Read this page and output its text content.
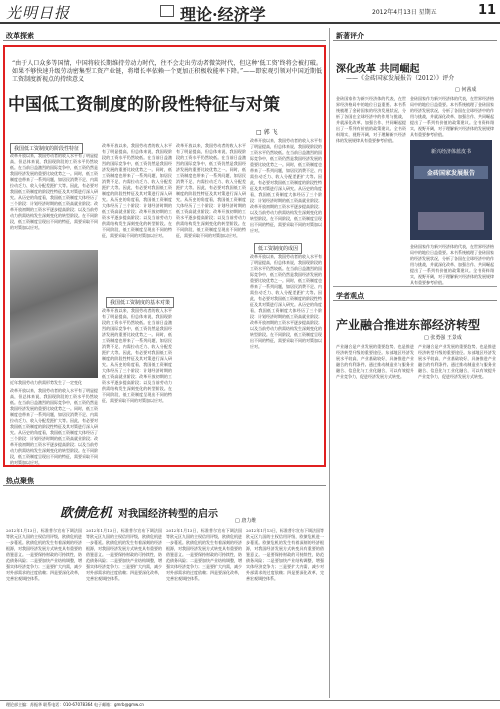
光明日报	理论·经济学	2012年4月13日 星期五	11
改革探索	新著评介
学者观点
热点聚焦
“由于人口众多等国情，中国将较长期维持劳动力时代，往不会走出劳动者微笑时代，但这种‘低工资’终将会被打破。如果不够快速升级劳动密集型工资产业链，将增长率依赖一个更加正积极收能率下降。”——即宏观引领对中国近期低工资制度新视点的持续意义
中国低工资制度的阶段性特征与对策
□ 郭 飞
我国低工资制度的阶段性特征
改革开放以来，我国劳动者的收入水平有了明显提高，但总体来说，我国现阶段的工资水平仍然较低。在当前日益激烈的国际竞争中，低工资仍然是我国经济发展的重要比较优势之一。同时，低工资制度也带来了一系列问题，如居民消费不足、内需拉动乏力、收入分配差距扩大等。因此，有必要对我国低工资制度的阶段性特征及其对策进行深入研究。从历史的角度看，我国低工资制度大体经历了三个阶段：计划经济时期的低工资高就业阶段；改革开放初期的工资水平逐步提高阶段；以及当前劳动力供需结构发生深刻变化的转型阶段。在不同阶段，低工资制度呈现出不同的特征，需要采取不同的对策加以应对。
改革开放以来，我国劳动者的收入水平有了明显提高，但总体来说，我国现阶段的工资水平仍然较低。在当前日益激烈的国际竞争中，低工资仍然是我国经济发展的重要比较优势之一。同时，低工资制度也带来了一系列问题，如居民消费不足、内需拉动乏力、收入分配差距扩大等。因此，有必要对我国低工资制度的阶段性特征及其对策进行深入研究。从历史的角度看，我国低工资制度大体经历了三个阶段：计划经济时期的低工资高就业阶段；改革开放初期的工资水平逐步提高阶段；以及当前劳动力供需结构发生深刻变化的转型阶段。在不同阶段，低工资制度呈现出不同的特征，需要采取不同的对策加以应对。
我国低工资制度的基本对策
改革开放以来，我国劳动者的收入水平有了明显提高，但总体来说，我国现阶段的工资水平仍然较低。在当前日益激烈的国际竞争中，低工资仍然是我国经济发展的重要比较优势之一。同时，低工资制度也带来了一系列问题，如居民消费不足、内需拉动乏力、收入分配差距扩大等。因此，有必要对我国低工资制度的阶段性特征及其对策进行深入研究。从历史的角度看，我国低工资制度大体经历了三个阶段：计划经济时期的低工资高就业阶段；改革开放初期的工资水平逐步提高阶段；以及当前劳动力供需结构发生深刻变化的转型阶段。在不同阶段，低工资制度呈现出不同的特征，需要采取不同的对策加以应对。
改革开放以来，我国劳动者的收入水平有了明显提高，但总体来说，我国现阶段的工资水平仍然较低。在当前日益激烈的国际竞争中，低工资仍然是我国经济发展的重要比较优势之一。同时，低工资制度也带来了一系列问题，如居民消费不足、内需拉动乏力、收入分配差距扩大等。因此，有必要对我国低工资制度的阶段性特征及其对策进行深入研究。从历史的角度看，我国低工资制度大体经历了三个阶段：计划经济时期的低工资高就业阶段；改革开放初期的工资水平逐步提高阶段；以及当前劳动力供需结构发生深刻变化的转型阶段。在不同阶段，低工资制度呈现出不同的特征，需要采取不同的对策加以应对。
改革开放以来，我国劳动者的收入水平有了明显提高，但总体来说，我国现阶段的工资水平仍然较低。在当前日益激烈的国际竞争中，低工资仍然是我国经济发展的重要比较优势之一。同时，低工资制度也带来了一系列问题，如居民消费不足、内需拉动乏力、收入分配差距扩大等。因此，有必要对我国低工资制度的阶段性特征及其对策进行深入研究。从历史的角度看，我国低工资制度大体经历了三个阶段：计划经济时期的低工资高就业阶段；改革开放初期的工资水平逐步提高阶段；以及当前劳动力供需结构发生深刻变化的转型阶段。在不同阶段，低工资制度呈现出不同的特征，需要采取不同的对策加以应对。
低工资制度的成因
改革开放以来，我国劳动者的收入水平有了明显提高，但总体来说，我国现阶段的工资水平仍然较低。在当前日益激烈的国际竞争中，低工资仍然是我国经济发展的重要比较优势之一。同时，低工资制度也带来了一系列问题，如居民消费不足、内需拉动乏力、收入分配差距扩大等。因此，有必要对我国低工资制度的阶段性特征及其对策进行深入研究。从历史的角度看，我国低工资制度大体经历了三个阶段：计划经济时期的低工资高就业阶段；改革开放初期的工资水平逐步提高阶段；以及当前劳动力供需结构发生深刻变化的转型阶段。在不同阶段，低工资制度呈现出不同的特征，需要采取不同的对策加以应对。
近年我国劳动力供需形势发生了一定变化
改革开放以来，我国劳动者的收入水平有了明显提高，但总体来说，我国现阶段的工资水平仍然较低。在当前日益激烈的国际竞争中，低工资仍然是我国经济发展的重要比较优势之一。同时，低工资制度也带来了一系列问题，如居民消费不足、内需拉动乏力、收入分配差距扩大等。因此，有必要对我国低工资制度的阶段性特征及其对策进行深入研究。从历史的角度看，我国低工资制度大体经历了三个阶段：计划经济时期的低工资高就业阶段；改革开放初期的工资水平逐步提高阶段；以及当前劳动力供需结构发生深刻变化的转型阶段。在不同阶段，低工资制度呈现出不同的特征，需要采取不同的对策加以应对。
深化改革 共同崛起
——《金砖国家发展报告（2012）》评介
□ 何茜成
金砖国家作为新兴经济体的代表，在世界经济格局中的地位日益重要。本书系统梳理了金砖国家的经济发展状况，分析了各国在全球经济中的作用与挑战，并就深化改革、加强合作、共同崛起提出了一系列有价值的政策建议。全书资料翔实，视野开阔，对于理解新兴经济体的发展规律具有重要参考价值。
金砖国家作为新兴经济体的代表，在世界经济格局中的地位日益重要。本书系统梳理了金砖国家的经济发展状况，分析了各国在全球经济中的作用与挑战，并就深化改革、加强合作、共同崛起提出了一系列有价值的政策建议。全书资料翔实，视野开阔，对于理解新兴经济体的发展规律具有重要参考价值。
新兴经济体蓝皮书
金砖国家发展报告
金砖国家作为新兴经济体的代表，在世界经济格局中的地位日益重要。本书系统梳理了金砖国家的经济发展状况，分析了各国在全球经济中的作用与挑战，并就深化改革、加强合作、共同崛起提出了一系列有价值的政策建议。全书资料翔实，视野开阔，对于理解新兴经济体的发展规律具有重要参考价值。
产业融合推进东部经济转型
□ 张勇强 王景成
产业融合是产业发展的重要趋势，也是推进经济转型升级的重要途径。东部地区经济发展水平较高，产业基础较好，具备推进产业融合的有利条件。通过推动制造业与服务业融合、信息化与工业化融合，可以有效提升产业竞争力，促进经济发展方式转变。
产业融合是产业发展的重要趋势，也是推进经济转型升级的重要途径。东部地区经济发展水平较高，产业基础较好，具备推进产业融合的有利条件。通过推动制造业与服务业融合、信息化与工业化融合，可以有效提升产业竞争力，促进经济发展方式转变。
欧债危机 对我国经济转型的启示
□ 唐力维
2012年1月13日，标准普尔宣布下调法国等欧元区九国的主权信用评级，欧债危机进一步蔓延。欧债危机的发生有着深刻的经济根源，对我国经济发展方式转变具有重要的借鉴意义。一是要保持财政的可持续性，防范债务风险；二是要加快产业结构调整，增强实体经济竞争力；三是要扩大内需，减少对外部需求的过度依赖；四是要深化改革，完善宏观调控体系。
2012年1月13日，标准普尔宣布下调法国等欧元区九国的主权信用评级，欧债危机进一步蔓延。欧债危机的发生有着深刻的经济根源，对我国经济发展方式转变具有重要的借鉴意义。一是要保持财政的可持续性，防范债务风险；二是要加快产业结构调整，增强实体经济竞争力；三是要扩大内需，减少对外部需求的过度依赖；四是要深化改革，完善宏观调控体系。
2012年1月13日，标准普尔宣布下调法国等欧元区九国的主权信用评级，欧债危机进一步蔓延。欧债危机的发生有着深刻的经济根源，对我国经济发展方式转变具有重要的借鉴意义。一是要保持财政的可持续性，防范债务风险；二是要加快产业结构调整，增强实体经济竞争力；三是要扩大内需，减少对外部需求的过度依赖；四是要深化改革，完善宏观调控体系。
2012年1月13日，标准普尔宣布下调法国等欧元区九国的主权信用评级，欧债危机进一步蔓延。欧债危机的发生有着深刻的经济根源，对我国经济发展方式转变具有重要的借鉴意义。一是要保持财政的可持续性，防范债务风险；二是要加快产业结构调整，增强实体经济竞争力；三是要扩大内需，减少对外部需求的过度依赖；四是要深化改革，完善宏观调控体系。
理论部主编：苏振华 联系电话：010-67078364 电子邮箱：gmrb@gmw.cn
